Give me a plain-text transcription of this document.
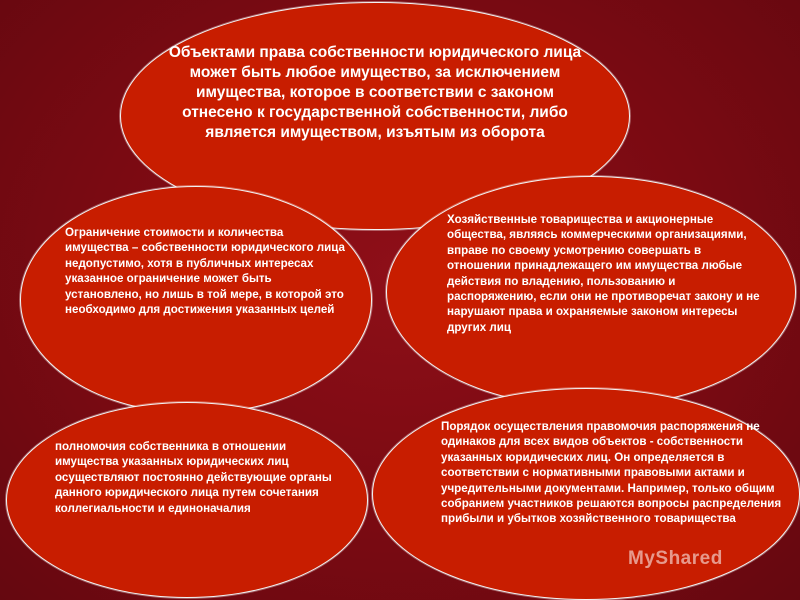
Объектами права собственности юридического лица может быть любое имущество, за исключением имущества, которое в соответствии с законом отнесено к государственной собственности, либо является имуществом, изъятым из оборота
Ограничение стоимости и количества имущества – собственности юридического лица недопустимо, хотя в публичных интересах указанное ограничение может быть установлено, но лишь в той мере, в которой это необходимо для достижения указанных целей
Хозяйственные товарищества и акционерные общества, являясь коммерческими организациями, вправе по своему усмотрению совершать в отношении принадлежащего им имущества любые действия по владению, пользованию и распоряжению, если они не противоречат закону и не нарушают права и охраняемые законом интересы других лиц
полномочия собственника в отношении имущества указанных юридических лиц осуществляют постоянно действующие органы данного юридического лица путем сочетания коллегиальности и единоначалия
Порядок осуществления правомочия распоряжения не одинаков для всех видов объектов - собственности указанных юридических лиц. Он определяется в соответствии с нормативными правовыми актами и учредительными документами. Например, только общим собранием участников решаются вопросы распределения прибыли и убытков хозяйственного товарищества
MyShared
